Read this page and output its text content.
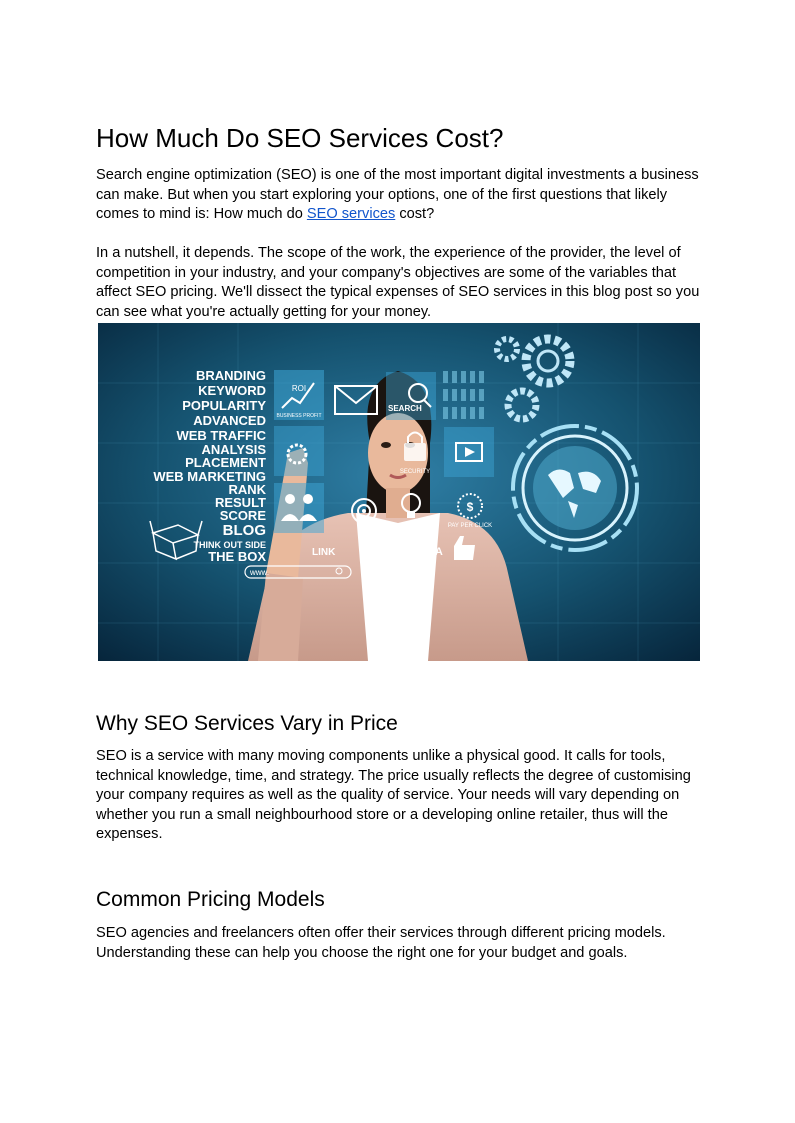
How Much Do SEO Services Cost?

Search engine optimization (SEO) is one of the most important digital investments a business can make. But when you start exploring your options, one of the first questions that likely comes to mind is: How much do SEO services cost?

In a nutshell, it depends. The scope of the work, the experience of the provider, the level of competition in your industry, and your company's objectives are some of the variables that affect SEO pricing. We'll dissect the typical expenses of SEO services in this blog post so you can see what you're actually getting for your money.

Why SEO Services Vary in Price

SEO is a service with many moving components unlike a physical good. It calls for tools, technical knowledge, time, and strategy. The price usually reflects the degree of customising your company requires as well as the quality of service. Your needs will vary depending on whether you run a small neighbourhood store or a developing online retailer, thus will the expenses.

Common Pricing Models

SEO agencies and freelancers often offer their services through different pricing models. Understanding these can help you choose the right one for your budget and goals.

BRANDING
KEYWORD
POPULARITY
ADVANCED
WEB TRAFFIC
ANALYSIS
PLACEMENT
WEB MARKETING
RANK
RESULT
SCORE
BLOG
THINK OUT SIDE
THE BOX
www.
ROI
BUSINESS PROFIT
SEARCH
SECURITY
IDEA
$
PAY PER CLICK
LINK	SOCIAL MEDIA
